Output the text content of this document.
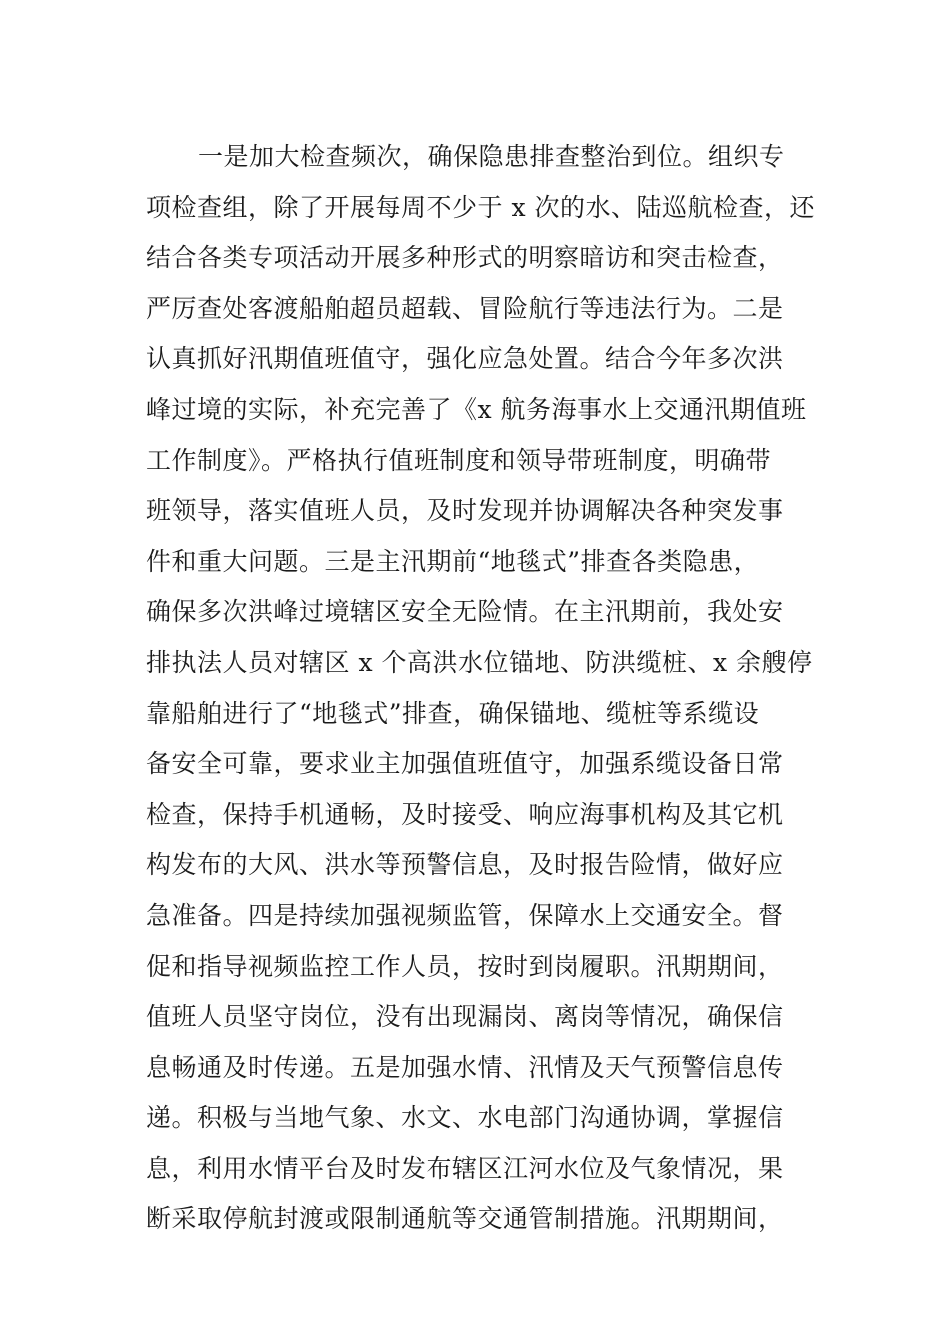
一是加大检查频次，确保隐患排查整治到位。组织专
项检查组，除了开展每周不少于 x 次的水、陆巡航检查，还
结合各类专项活动开展多种形式的明察暗访和突击检查，
严厉查处客渡船舶超员超载、冒险航行等违法行为。二是
认真抓好汛期值班值守，强化应急处置。结合今年多次洪
峰过境的实际，补充完善了《x 航务海事水上交通汛期值班
工作制度》。严格执行值班制度和领导带班制度，明确带
班领导，落实值班人员，及时发现并协调解决各种突发事
件和重大问题。三是主汛期前“地毯式”排查各类隐患，
确保多次洪峰过境辖区安全无险情。在主汛期前，我处安
排执法人员对辖区 x 个高洪水位锚地、防洪缆桩、x 余艘停
靠船舶进行了“地毯式”排查，确保锚地、缆桩等系缆设
备安全可靠，要求业主加强值班值守，加强系缆设备日常
检查，保持手机通畅，及时接受、响应海事机构及其它机
构发布的大风、洪水等预警信息，及时报告险情，做好应
急准备。四是持续加强视频监管，保障水上交通安全。督
促和指导视频监控工作人员，按时到岗履职。汛期期间，
值班人员坚守岗位，没有出现漏岗、离岗等情况，确保信
息畅通及时传递。五是加强水情、汛情及天气预警信息传
递。积极与当地气象、水文、水电部门沟通协调，掌握信
息，利用水情平台及时发布辖区江河水位及气象情况，果
断采取停航封渡或限制通航等交通管制措施。汛期期间，
